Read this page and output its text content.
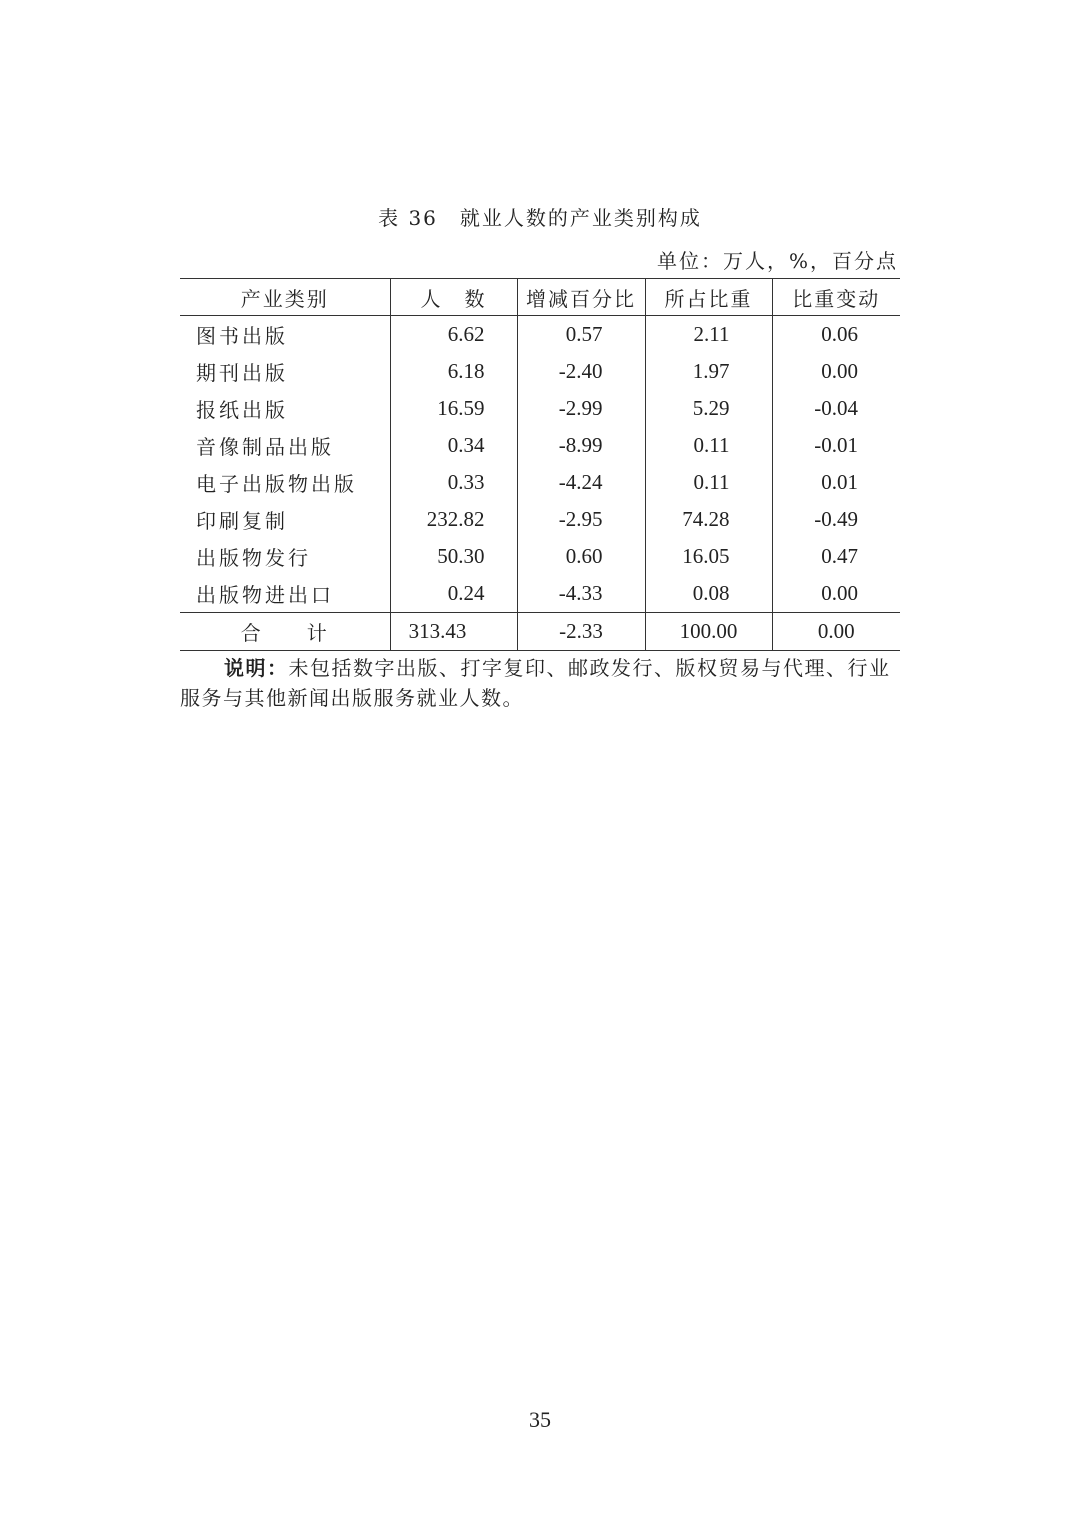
表 36　就业人数的产业类别构成
单位：万人，%，百分点
产业类别	人　数	增减百分比	所占比重	比重变动
图书出版	6.62	0.57	2.11	0.06
期刊出版	6.18	-2.40	1.97	0.00
报纸出版	16.59	-2.99	5.29	-0.04
音像制品出版	0.34	-8.99	0.11	-0.01
电子出版物出版	0.33	-4.24	0.11	0.01
印刷复制	232.82	-2.95	74.28	-0.49
出版物发行	50.30	0.60	16.05	0.47
出版物进出口	0.24	-4.33	0.08	0.00
合　　计	313.43	-2.33	100.00	0.00
说明：未包括数字出版、打字复印、邮政发行、版权贸易与代理、行业服务与其他新闻出版服务就业人数。
35
